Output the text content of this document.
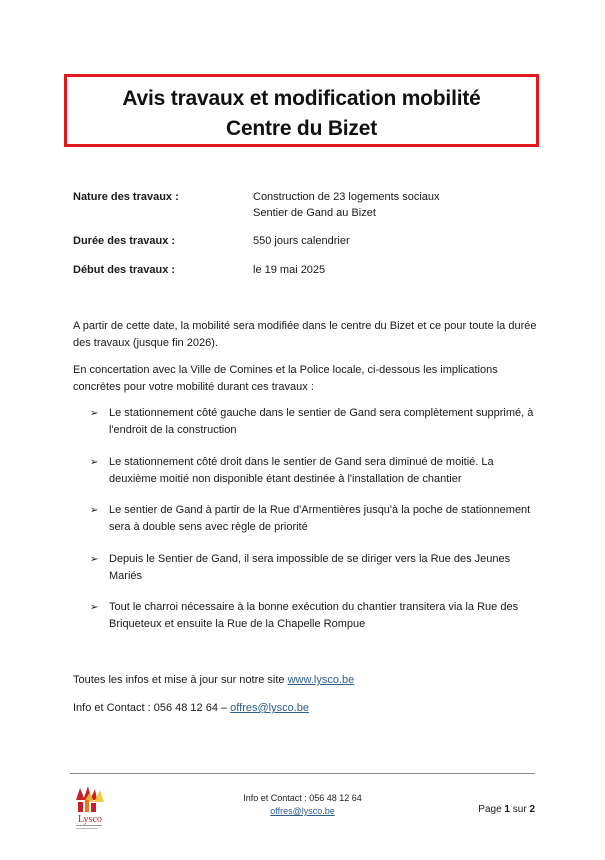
Avis travaux et modification mobilité
Centre du Bizet
Nature des travaux :	Construction de 23 logements sociaux
Sentier de Gand au Bizet
Durée des travaux :	550 jours calendrier
Début des travaux :	le 19 mai 2025
A partir de cette date, la mobilité sera modifiée dans le centre du Bizet et ce pour toute la durée des travaux (jusque fin 2026).
En concertation avec la Ville de Comines et la Police locale, ci-dessous les implications concrètes pour votre mobilité durant ces travaux :
➢ Le stationnement côté gauche dans le sentier de Gand sera complètement supprimé, à l'endroit de la construction
➢ Le stationnement côté droit dans le sentier de Gand sera diminué de moitié. La deuxième moitié non disponible étant destinée à l'installation de chantier
➢ Le sentier de Gand à partir de la Rue d'Armentières jusqu'à la poche de stationnement sera à double sens avec règle de priorité
➢ Depuis le Sentier de Gand, il sera impossible de se diriger vers la Rue des Jeunes Mariés
➢ Tout le charroi nécessaire à la bonne exécution du chantier transitera via la Rue des Briqueteux et ensuite la Rue de la Chapelle Rompue
Toutes les infos et mise à jour sur notre site www.lysco.be
Info et Contact : 056 48 12 64 – offres@lysco.be
Lysco
Info et Contact : 056 48 12 64
offres@lysco.be	Page 1 sur 2
